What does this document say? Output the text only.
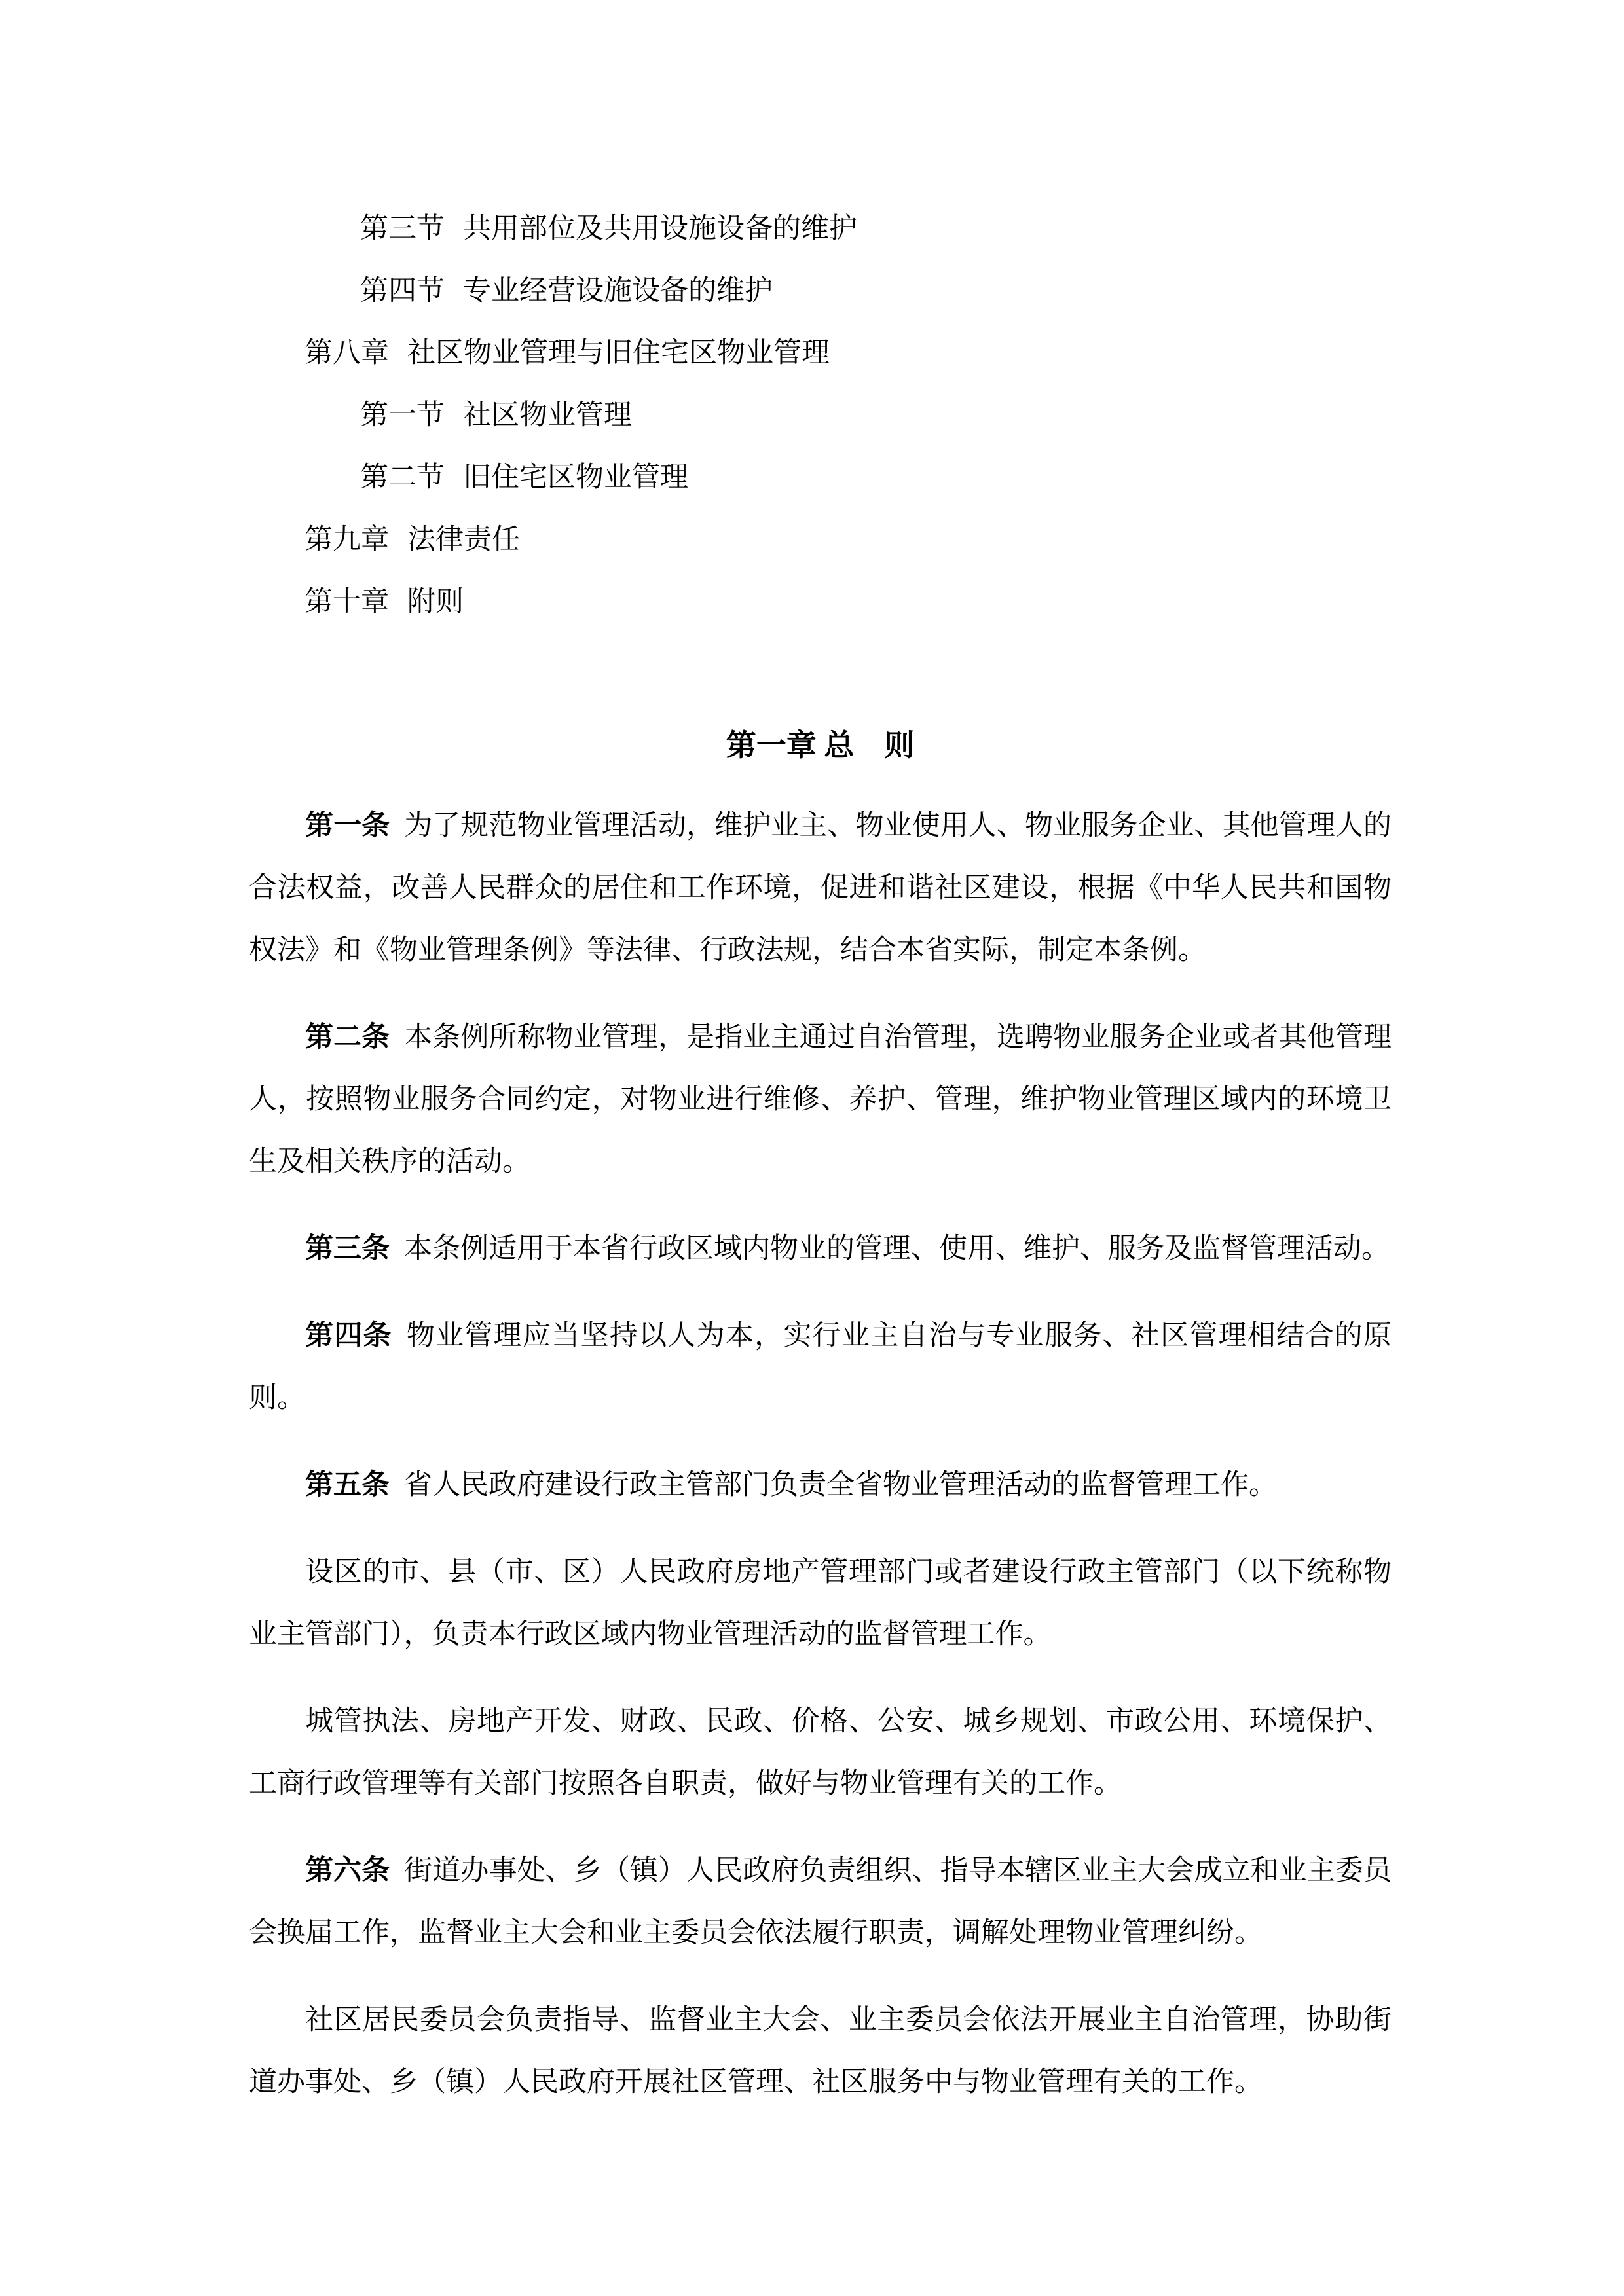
第三节 共用部位及共用设施设备的维护
第四节 专业经营设施设备的维护
第八章 社区物业管理与旧住宅区物业管理
第一节 社区物业管理
第二节 旧住宅区物业管理
第九章 法律责任
第十章 附则
第一章 总　则

第一条 为了规范物业管理活动，维护业主、物业使用人、物业服务企业、其他管理人的合法权益，改善人民群众的居住和工作环境，促进和谐社区建设，根据《中华人民共和国物权法》和《物业管理条例》等法律、行政法规，结合本省实际，制定本条例。

第二条 本条例所称物业管理，是指业主通过自治管理，选聘物业服务企业或者其他管理人，按照物业服务合同约定，对物业进行维修、养护、管理，维护物业管理区域内的环境卫生及相关秩序的活动。

第三条 本条例适用于本省行政区域内物业的管理、使用、维护、服务及监督管理活动。

第四条 物业管理应当坚持以人为本，实行业主自治与专业服务、社区管理相结合的原则。

第五条 省人民政府建设行政主管部门负责全省物业管理活动的监督管理工作。

设区的市、县（市、区）人民政府房地产管理部门或者建设行政主管部门（以下统称物业主管部门），负责本行政区域内物业管理活动的监督管理工作。

城管执法、房地产开发、财政、民政、价格、公安、城乡规划、市政公用、环境保护、工商行政管理等有关部门按照各自职责，做好与物业管理有关的工作。

第六条 街道办事处、乡（镇）人民政府负责组织、指导本辖区业主大会成立和业主委员会换届工作，监督业主大会和业主委员会依法履行职责，调解处理物业管理纠纷。

社区居民委员会负责指导、监督业主大会、业主委员会依法开展业主自治管理，协助街道办事处、乡（镇）人民政府开展社区管理、社区服务中与物业管理有关的工作。
